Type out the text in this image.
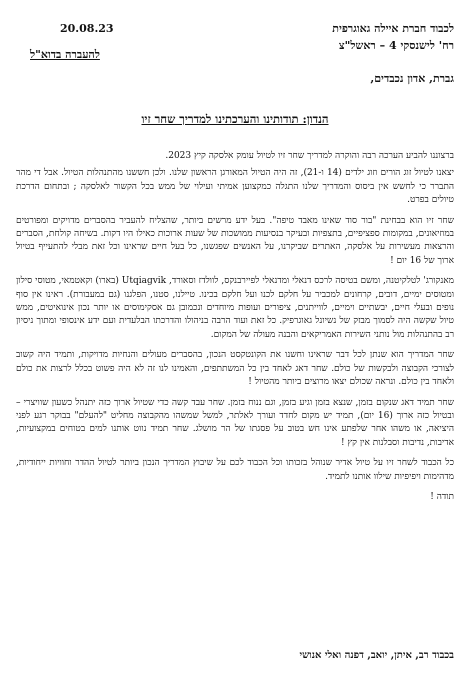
20.08.23	לכבוד חברת איילה גאוגרפית
רח' לישנסקי 4 – ראשל"צ
להעברה בדוא"ל
גברת, אדון נכבדים,
הנדון: תודותינו והערכתינו למדריך שחר זיו

ברצוננו להביע הערכה רבה והוקרה למדריך שחר זיו לטיול עומק אלסקה קיץ 2023.

יצאנו לטיול זוג הורים וזוג ילדים (14 ו-21), זה היה הטיול המאורגן הראשון שלנו. ולכן חששנו מהתנהלות הטיול. אבל די מהר התברר כי לחשש אין ביסוס והמדריך שלנו התגלה כמקצוען אמיתי ועילוי של ממש בכל הקשור לאלסקה ; ובתחום הדרכת טיולים בפרט.

שחר זיו הוא בבחינת "בור סוד שאינו מאבד טיפה". בעל ידע מרשים ביותר, שהצליח להעביר בהסברים מדויקים ומפורטים במוזיאונים, במקומות ספציפיים, בתצפיות ובעיקר בנסיעות ממושכות של שעות ארוכות כאילו היו דקות. בשיחה קולחת, הסברים והרצאות מעשירות על אלסקה, האתרים שביקרנו, על האנשים שפגשנו, כל בעל חיים שראינו וכל זאת מבלי להתעייף בטיול ארוך של 16 יום !

מאנקורג' לטלקיטנה, ומשם בטיסה לרכס דנאלי ומדנאלי לפיירבנקס, לוולדז וסאורד, Utqiagvik (בארו) וקאטמאי, מטוסי סילון ומטוסים ימיים, דובים, קרחונים למכביר על חלקם לכנו ועל חלקם בכינו. טיילנו, סטנו, הפלגנו (גם במעבורת). ראינו אין סוף נופים ובעלי חיים, יבשתיים וימיים, לווייתנים, ציפורים ועופות מיוחדים ונכמובן גם אסקימוסים או יותר נכון אינואיטים, ממש טיול שקשה היה לסמוך מבזק של נשיונל גאוגרפיק. כל זאת ועוד הרבה בניהולו והדרכתו הבלעדית ועם ידע אינסופי ומתוך ניסיון רב בהתנהלות מול נותני השירות האמריקאים והבנה מעולה של המקום.

שחר המדריך הוא שנתן לכל דבר שראינו וחשנו את הקונטקסט הנכון, בהסברים מעולים והנחיות מדויקות, ותמיד היה קשוב לצורכי הקבוצה ולבקשות של כולם. שחר דאג לאחד בין כל המשתתפים, והאמינו לנו זה לא היה פשוט בכלל לרצות את כולם ולאחד בין כולם. ונראה שכולם יצאו מרוצים ביותר מהטיול !

שחר תמיד דאג שנקום בזמן, שנצא בזמן וגיע בזמן, וגם ננוח בזמן. שחר עבד קשה כדי שטיול ארוך כזה יתנהל כשעון שוויצרי – ובטיול כזה ארוך (16 יום), תמיד יש מקום לחדד ועורך לאלתר, למשל שמשהו מהקבוצה מחליט "להעלם" בבוקר רגע לפני היציאה, או משהו אחר שלפתע אינו חש בטוב על פסגתו של הר מושלג. שחר תמיד נווט אותנו למים בטוחים במקצועיות, אדיבות, נדיבות וסבלנות אין קץ !

כל הכבוד לשחר זיו על טיול אדיר שנוהל בזכותו וכל הכבוד לכם על שיבוץ המדריך הנכון ביותר לטיול ההדר וחוויות ייחודיות, מדהימות ויפיפיות שילוו אותנו לתמיד.

תודה !

בכבוד רב, איתן, יואב, דפנה ואלי אנושי
